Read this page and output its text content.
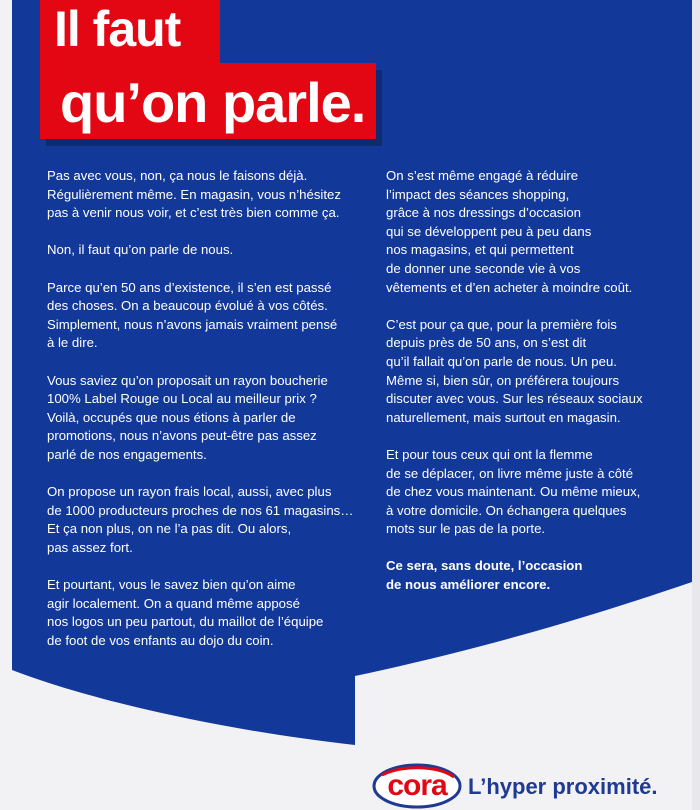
Il faut
qu’on parle.

Pas avec vous, non, ça nous le faisons déjà.
Régulièrement même. En magasin, vous n’hésitez
pas à venir nous voir, et c’est très bien comme ça.

Non, il faut qu’on parle de nous.

Parce qu’en 50 ans d’existence, il s’en est passé
des choses. On a beaucoup évolué à vos côtés.
Simplement, nous n’avons jamais vraiment pensé
à le dire.

Vous saviez qu’on proposait un rayon boucherie
100% Label Rouge ou Local au meilleur prix ?
Voilà, occupés que nous étions à parler de
promotions, nous n’avons peut-être pas assez
parlé de nos engagements.

On propose un rayon frais local, aussi, avec plus
de 1000 producteurs proches de nos 61 magasins…
Et ça non plus, on ne l’a pas dit. Ou alors,
pas assez fort.

Et pourtant, vous le savez bien qu’on aime
agir localement. On a quand même apposé
nos logos un peu partout, du maillot de l’équipe
de foot de vos enfants au dojo du coin.

On s’est même engagé à réduire
l’impact des séances shopping,
grâce à nos dressings d’occasion
qui se développent peu à peu dans
nos magasins, et qui permettent
de donner une seconde vie à vos
vêtements et d’en acheter à moindre coût.

C’est pour ça que, pour la première fois
depuis près de 50 ans, on s’est dit
qu’il fallait qu’on parle de nous. Un peu.
Même si, bien sûr, on préférera toujours
discuter avec vous. Sur les réseaux sociaux
naturellement, mais surtout en magasin.

Et pour tous ceux qui ont la flemme
de se déplacer, on livre même juste à côté
de chez vous maintenant. Ou même mieux,
à votre domicile. On échangera quelques
mots sur le pas de la porte.

Ce sera, sans doute, l’occasion
de nous améliorer encore.

cora L’hyper proximité.
